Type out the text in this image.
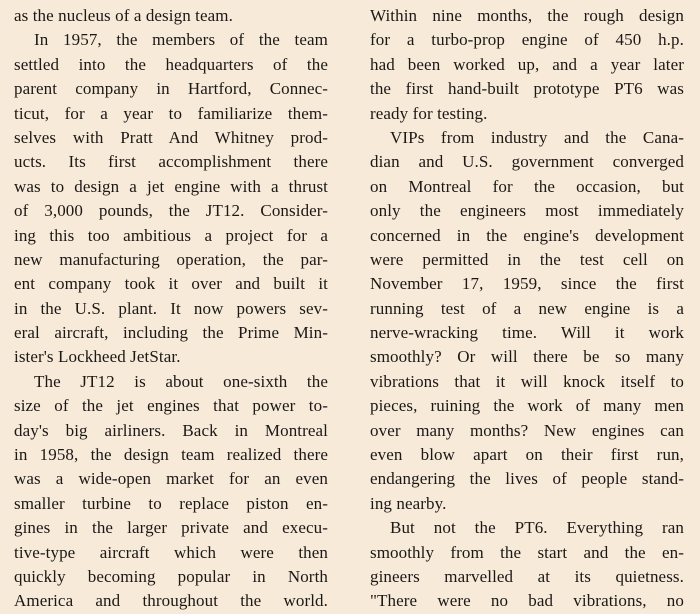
as the nucleus of a design team.
In 1957, the members of the team
settled into the headquarters of the
parent company in Hartford, Connec-
ticut, for a year to familiarize them-
selves with Pratt And Whitney prod-
ucts. Its first accomplishment there
was to design a jet engine with a thrust
of 3,000 pounds, the JT12. Consider-
ing this too ambitious a project for a
new manufacturing operation, the par-
ent company took it over and built it
in the U.S. plant. It now powers sev-
eral aircraft, including the Prime Min-
ister's Lockheed JetStar.
The JT12 is about one-sixth the
size of the jet engines that power to-
day's big airliners. Back in Montreal
in 1958, the design team realized there
was a wide-open market for an even
smaller turbine to replace piston en-
gines in the larger private and execu-
tive-type aircraft which were then
quickly becoming popular in North
America and throughout the world.
Within nine months, the rough design
for a turbo-prop engine of 450 h.p.
had been worked up, and a year later
the first hand-built prototype PT6 was
ready for testing.
VIPs from industry and the Cana-
dian and U.S. government converged
on Montreal for the occasion, but
only the engineers most immediately
concerned in the engine's development
were permitted in the test cell on
November 17, 1959, since the first
running test of a new engine is a
nerve-wracking time. Will it work
smoothly? Or will there be so many
vibrations that it will knock itself to
pieces, ruining the work of many men
over many months? New engines can
even blow apart on their first run,
endangering the lives of people stand-
ing nearby.
But not the PT6. Everything ran
smoothly from the start and the en-
gineers marvelled at its quietness.
"There were no bad vibrations, no
